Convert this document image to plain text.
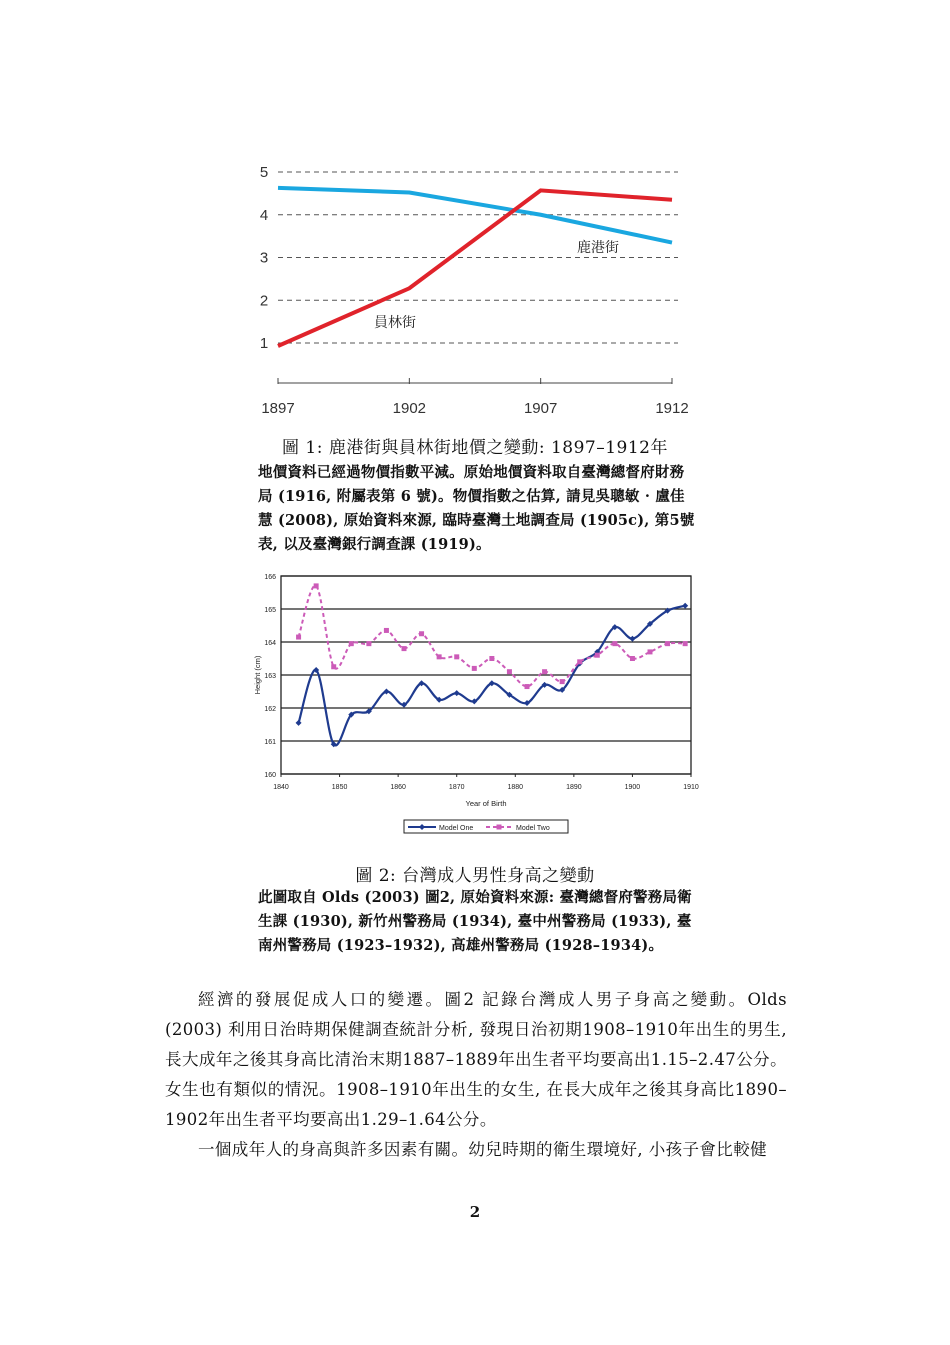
1
2
3
4
5
1897	1902	1907	1912
鹿港街
員林街
圖 1: 鹿港街與員林街地價之變動: 1897–1912年
地價資料已經過物價指數平減。原始地價資料取自臺灣總督府財務局 (1916, 附屬表第 6 號)。物價指數之估算, 請見吳聰敏 · 盧佳慧 (2008), 原始資料來源, 臨時臺灣土地調查局 (1905c), 第5號表, 以及臺灣銀行調查課 (1919)。
160
161
162
163
164
165
166
1840	1850	1860	1870	1880	1890	1900	1910
Year of Birth
Height (cm)
Model One	Model Two
圖 2: 台灣成人男性身高之變動
此圖取自 Olds (2003) 圖2, 原始資料來源: 臺灣總督府警務局衛生課 (1930), 新竹州警務局 (1934), 臺中州警務局 (1933), 臺南州警務局 (1923–1932), 高雄州警務局 (1928–1934)。

經濟的發展促成人口的變遷。圖2 記錄台灣成人男子身高之變動。Olds (2003) 利用日治時期保健調查統計分析, 發現日治初期1908–1910年出生的男生, 長大成年之後其身高比清治末期1887–1889年出生者平均要高出1.15–2.47公分。女生也有類似的情況。1908–1910年出生的女生, 在長大成年之後其身高比1890–1902年出生者平均要高出1.29–1.64公分。

一個成年人的身高與許多因素有關。幼兒時期的衛生環境好, 小孩子會比較健

2
